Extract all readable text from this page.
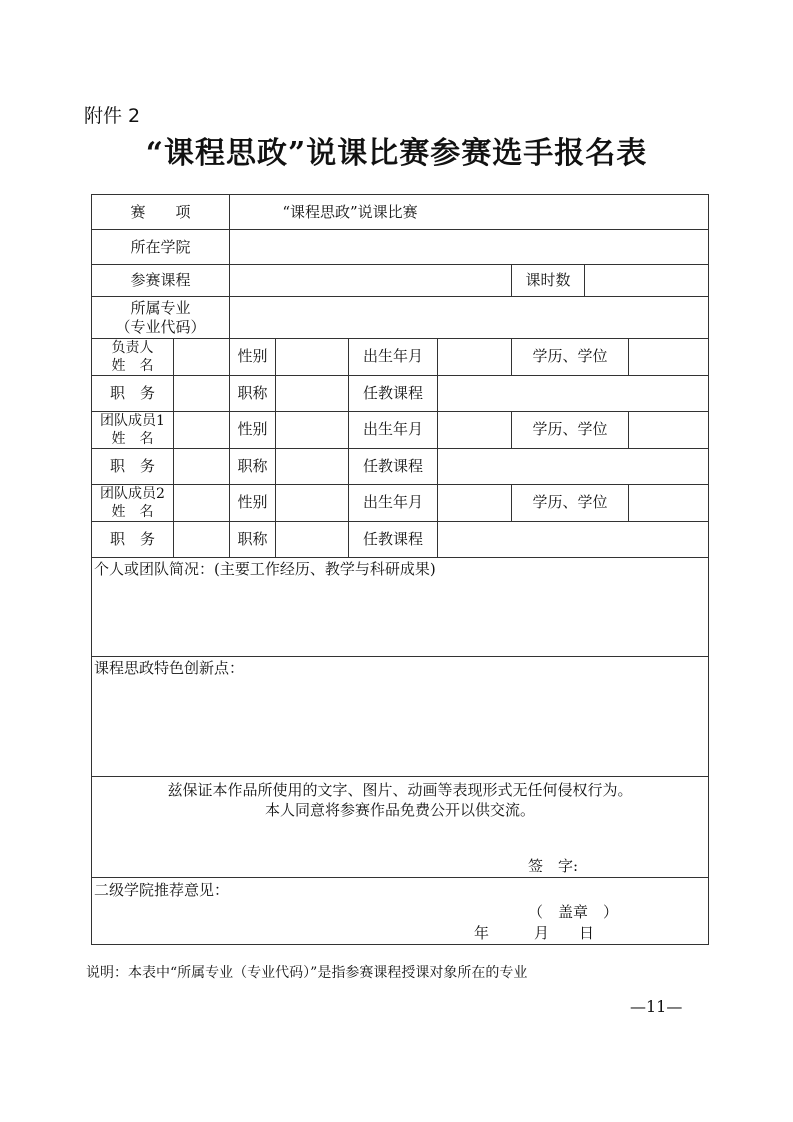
附件 2
“课程思政”说课比赛参赛选手报名表
赛　　项	“课程思政”说课比赛
所在学院
参赛课程	课时数
所属专业
（专业代码）
负责人
姓　名
性别	出生年月	学历、学位
职　务	职称	任教课程
团队成员1
姓　名
性别	出生年月	学历、学位
职　务	职称	任教课程
团队成员2
姓　名
性别	出生年月	学历、学位
职　务	职称	任教课程
个人或团队简况：(主要工作经历、教学与科研成果)
课程思政特色创新点：
兹保证本作品所使用的文字、图片、动画等表现形式无任何侵权行为。
本人同意将参赛作品免费公开以供交流。
签　字:
二级学院推荐意见：
（　盖章　）
年　　　月　　日
说明：本表中“所属专业（专业代码）”是指参赛课程授课对象所在的专业
—11—
